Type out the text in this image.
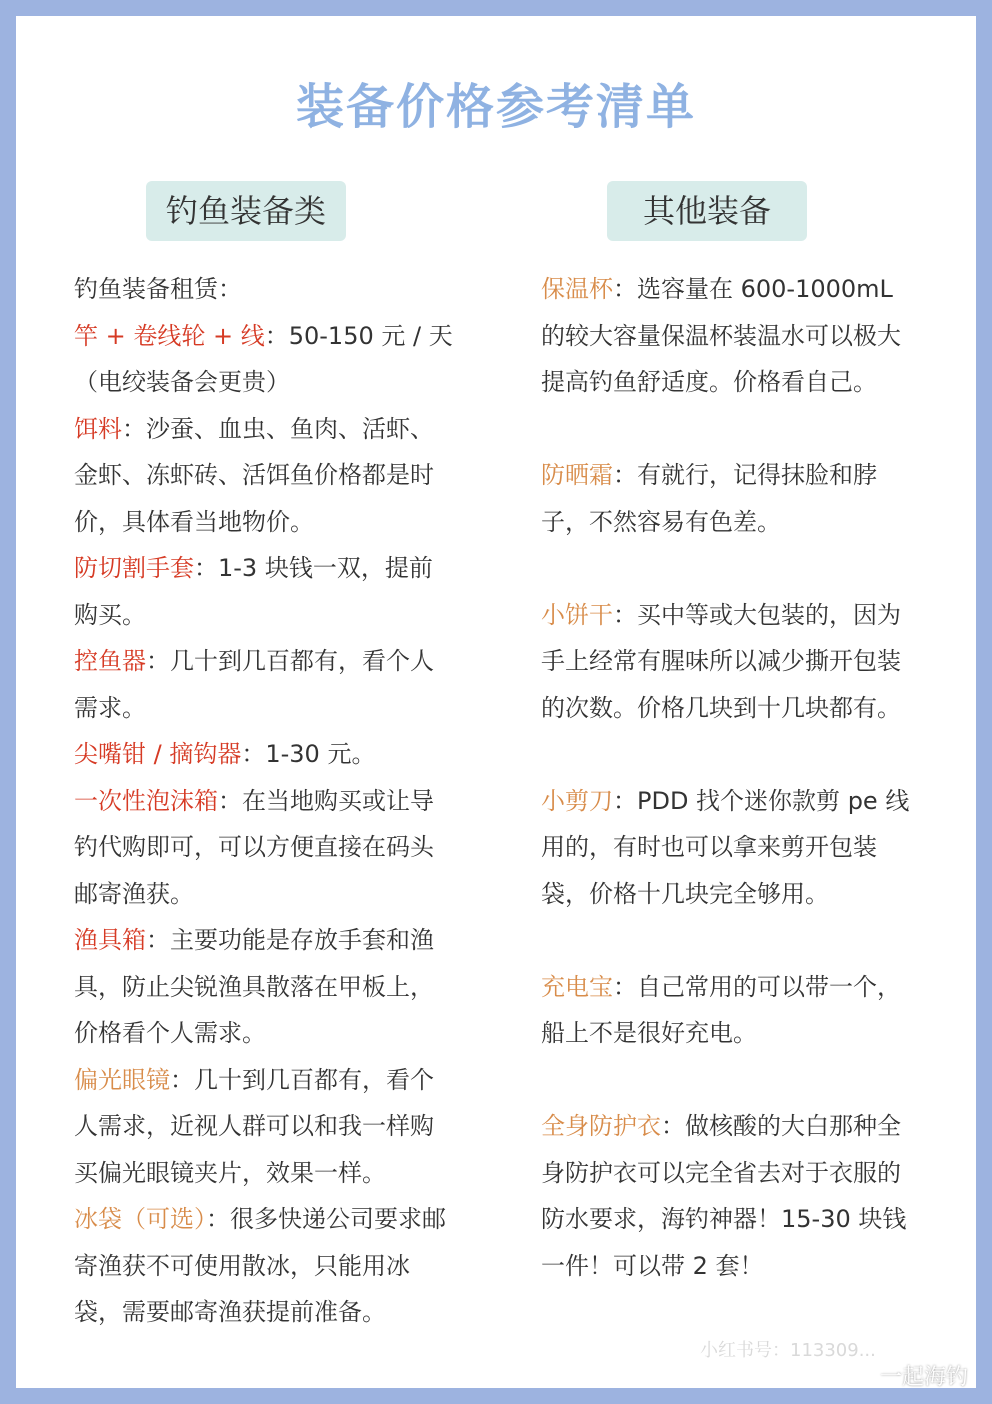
装备价格参考清单
钓鱼装备类	其他装备

钓鱼装备租赁：

竿 + 卷线轮 + 线：50-150 元 / 天（电绞装备会更贵）

饵料：沙蚕、血虫、鱼肉、活虾、金虾、冻虾砖、活饵鱼价格都是时价，具体看当地物价。

防切割手套：1-3 块钱一双，提前购买。

控鱼器：几十到几百都有，看个人需求。

尖嘴钳 / 摘钩器：1-30 元。

一次性泡沫箱：在当地购买或让导钓代购即可，可以方便直接在码头邮寄渔获。

渔具箱：主要功能是存放手套和渔具，防止尖锐渔具散落在甲板上，价格看个人需求。

偏光眼镜：几十到几百都有，看个人需求，近视人群可以和我一样购买偏光眼镜夹片，效果一样。

冰袋（可选）：很多快递公司要求邮寄渔获不可使用散冰，只能用冰袋，需要邮寄渔获提前准备。

保温杯：选容量在 600-1000mL 的较大容量保温杯装温水可以极大提高钓鱼舒适度。价格看自己。

防晒霜：有就行，记得抹脸和脖子，不然容易有色差。

小饼干：买中等或大包装的，因为手上经常有腥味所以减少撕开包装的次数。价格几块到十几块都有。

小剪刀：PDD 找个迷你款剪 pe 线用的，有时也可以拿来剪开包装袋，价格十几块完全够用。

充电宝：自己常用的可以带一个，船上不是很好充电。

全身防护衣：做核酸的大白那种全身防护衣可以完全省去对于衣服的防水要求，海钓神器！15-30 块钱一件！可以带 2 套！

小红书号：113309...
一起海钓
